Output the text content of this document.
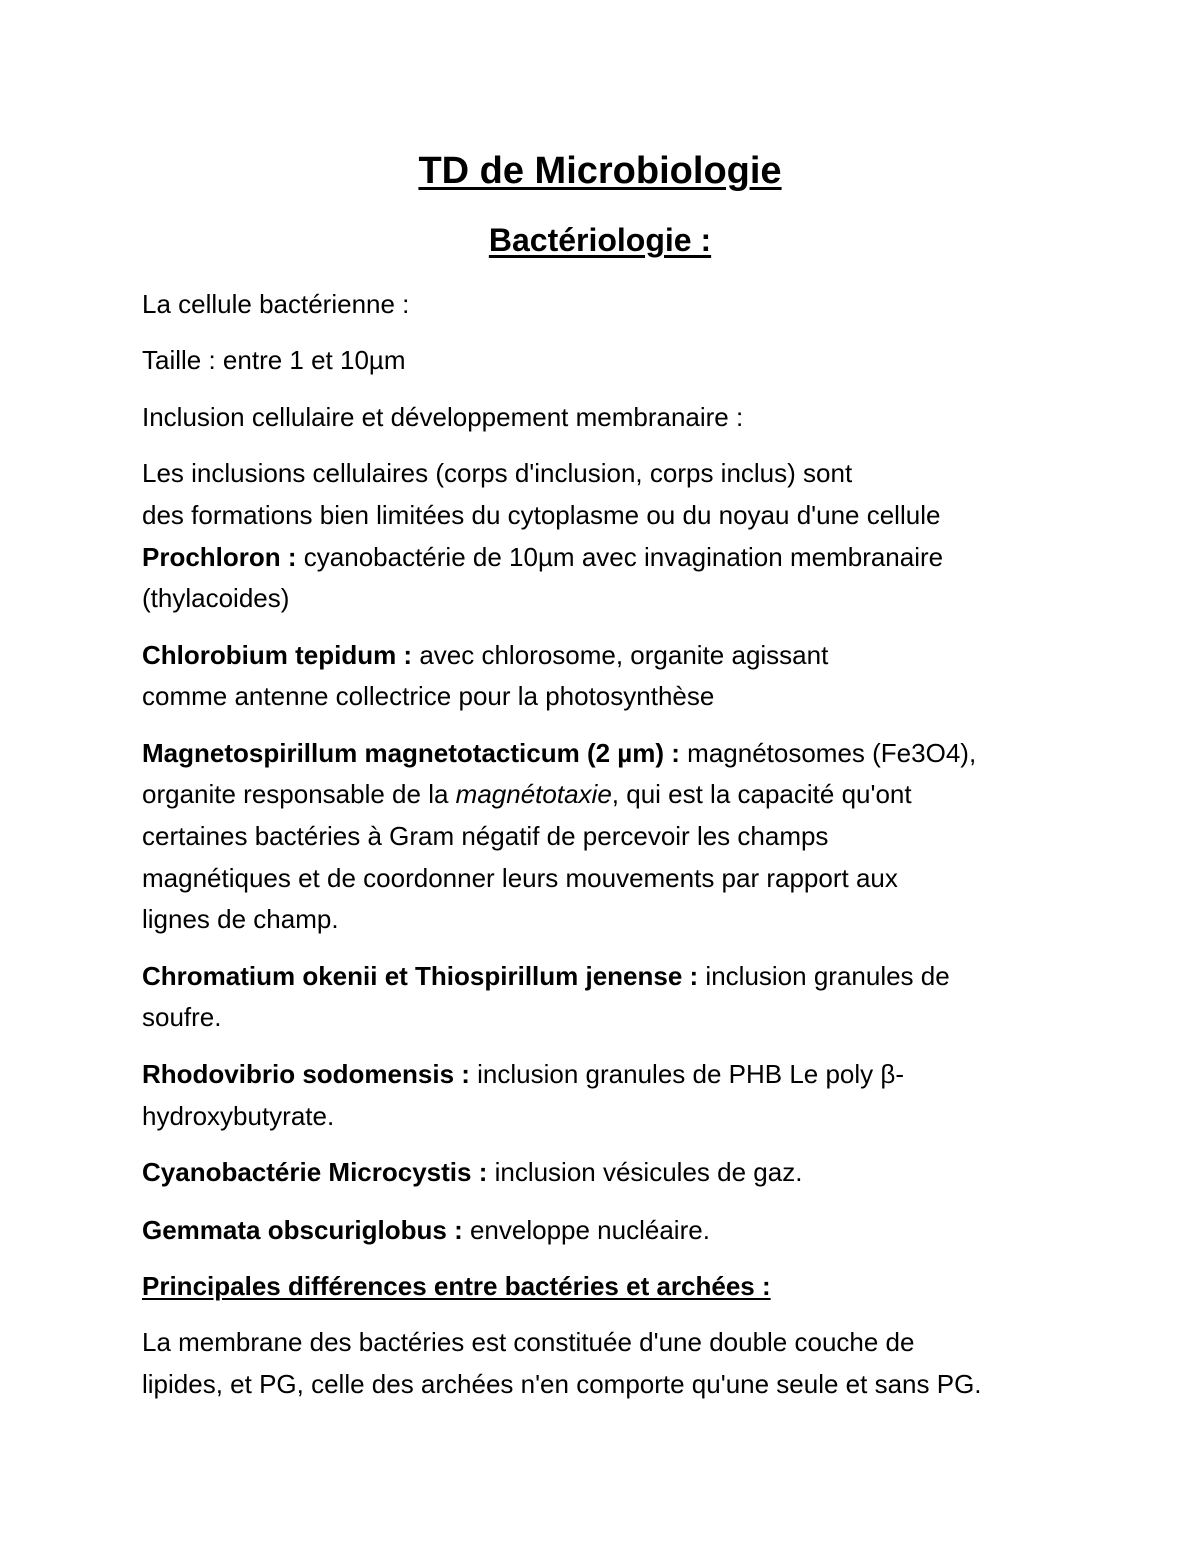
TD de Microbiologie
Bactériologie :

La cellule bactérienne :

Taille : entre 1 et 10µm

Inclusion cellulaire et développement membranaire :

Les inclusions cellulaires (corps d'inclusion, corps inclus) sont

des formations bien limitées du cytoplasme ou du noyau d'une cellule

Prochloron : cyanobactérie de 10µm avec invagination membranaire

(thylacoides)

Chlorobium tepidum : avec chlorosome, organite agissant

comme antenne collectrice pour la photosynthèse

Magnetospirillum magnetotacticum (2 µm) : magnétosomes (Fe3O4),

organite responsable de la magnétotaxie, qui est la capacité qu'ont

certaines bactéries à Gram négatif de percevoir les champs

magnétiques et de coordonner leurs mouvements par rapport aux

lignes de champ.

Chromatium okenii et Thiospirillum jenense : inclusion granules de

soufre.

Rhodovibrio sodomensis : inclusion granules de PHB Le poly β-

hydroxybutyrate.

Cyanobactérie Microcystis : inclusion vésicules de gaz.

Gemmata obscuriglobus : enveloppe nucléaire.

Principales différences entre bactéries et archées :

La membrane des bactéries est constituée d'une double couche de

lipides, et PG, celle des archées n'en comporte qu'une seule et sans PG.
